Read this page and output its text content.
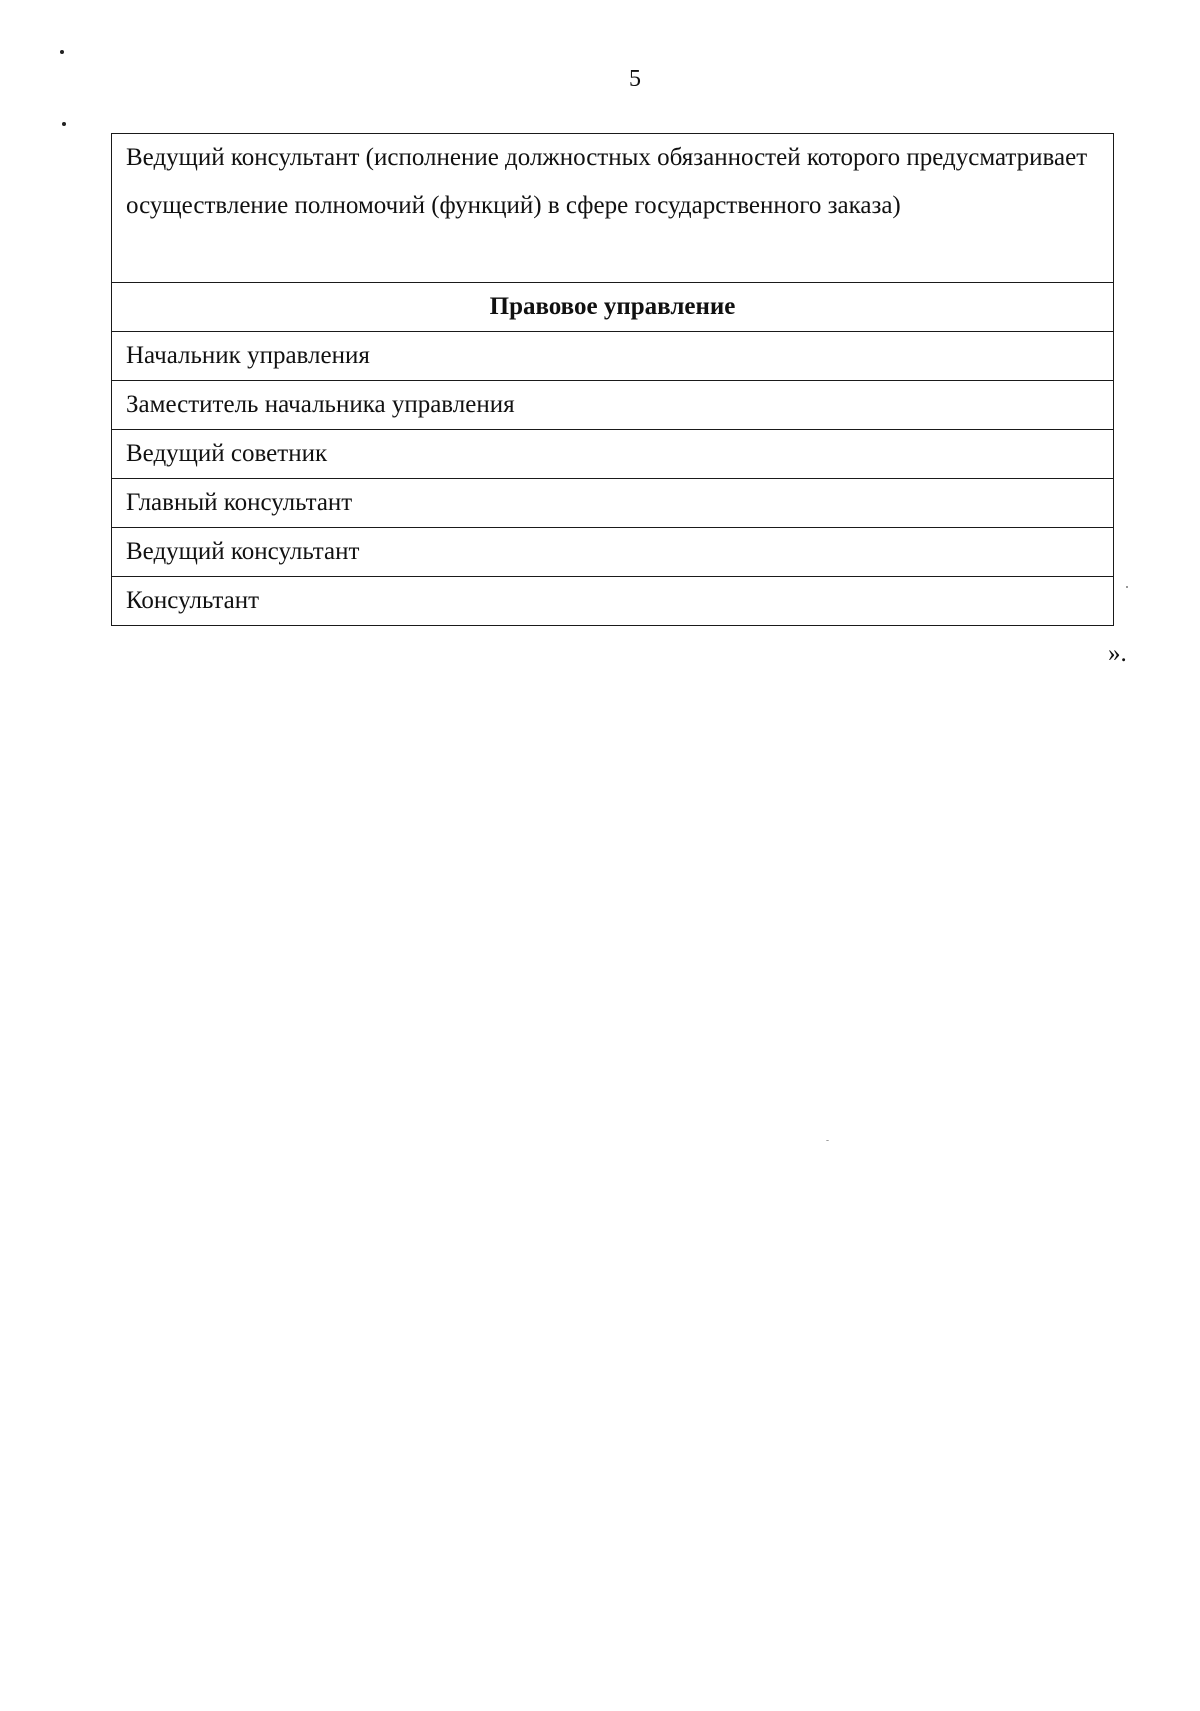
5
Ведущий консультант (исполнение должностных обязанностей которого предусматривает осуществление полномочий (функций) в сфере государственного заказа)
Правовое управление
Начальник управления
Заместитель начальника управления
Ведущий советник
Главный консультант
Ведущий консультант
Консультант
».
